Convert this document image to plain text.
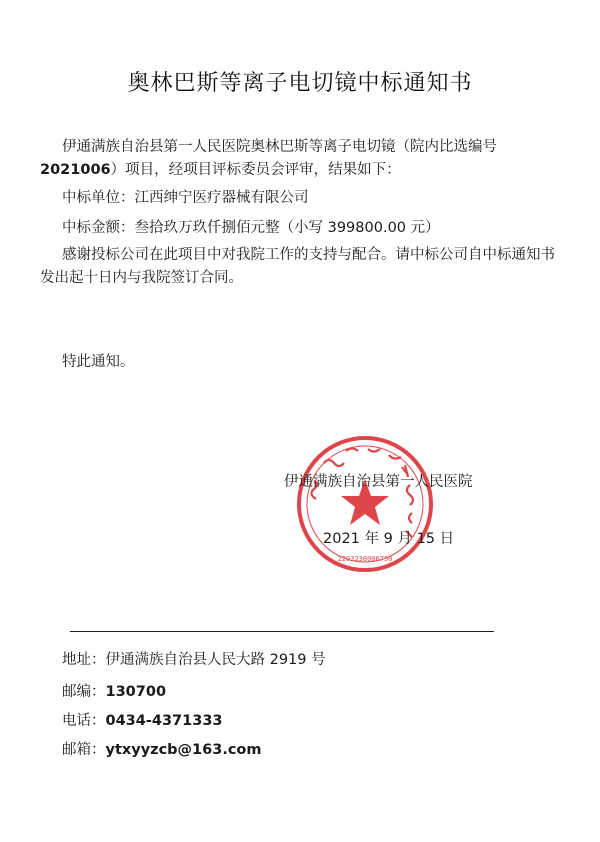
奥林巴斯等离子电切镜中标通知书
伊通满族自治县第一人民医院奥林巴斯等离子电切镜（院内比选编号2021006）项目，经项目评标委员会评审，结果如下：
中标单位：江西绅宁医疗器械有限公司
中标金额：叁拾玖万玖仟捌佰元整（小写 399800.00 元）
感谢投标公司在此项目中对我院工作的支持与配合。请中标公司自中标通知书发出起十日内与我院签订合同。
特此通知。
2203230006750
伊通满族自治县第一人民医院
2021 年 9 月 15 日
地址：伊通满族自治县人民大路 2919 号
邮编：130700
电话：0434-4371333
邮箱：ytxyyzcb@163.com
